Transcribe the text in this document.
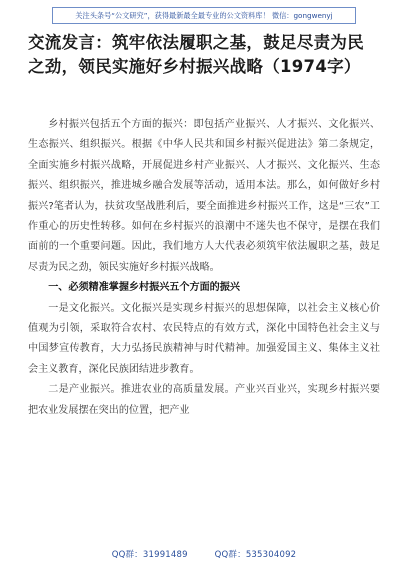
关注头条号“公文研究”，获得最新最全最专业的公文资料库！ 微信：gongwenyj
交流发言：筑牢依法履职之基，鼓足尽责为民之劲，领民实施好乡村振兴战略（1974字）

乡村振兴包括五个方面的振兴：即包括产业振兴、人才振兴、文化振兴、生态振兴、组织振兴。根据《中华人民共和国乡村振兴促进法》第二条规定，全面实施乡村振兴战略，开展促进乡村产业振兴、人才振兴、文化振兴、生态振兴、组织振兴，推进城乡融合发展等活动，适用本法。那么，如何做好乡村振兴?笔者认为，扶贫攻坚战胜利后，要全面推进乡村振兴工作，这是“三农”工作重心的历史性转移。如何在乡村振兴的浪潮中不迷失也不保守，是摆在我们面前的一个重要问题。因此，我们地方人大代表必须筑牢依法履职之基，鼓足尽责为民之劲，领民实施好乡村振兴战略。

一、必须精准掌握乡村振兴五个方面的振兴

一是文化振兴。文化振兴是实现乡村振兴的思想保障，以社会主义核心价值观为引领，采取符合农村、农民特点的有效方式，深化中国特色社会主义与中国梦宣传教育，大力弘扬民族精神与时代精神。加强爱国主义、集体主义社会主义教育，深化民族团结进步教育。

二是产业振兴。推进农业的高质量发展。产业兴百业兴，实现乡村振兴要把农业发展摆在突出的位置，把产业

QQ群：31991489	QQ群：535304092
